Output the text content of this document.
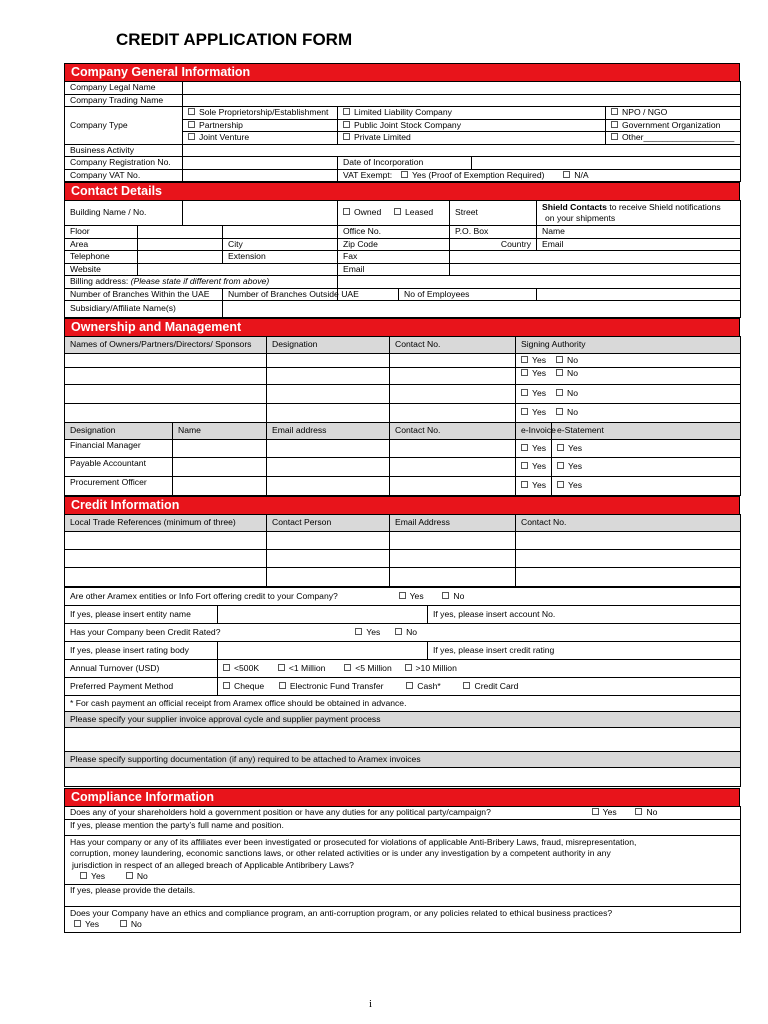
CREDIT APPLICATION FORM
Company General Information
Company Legal Name				
Company Trading Name				
Company Type	Sole Proprietorship/Establishment	Limited Liability Company		NPO / NGO
	Partnership	Public Joint Stock Company		Government Organization
	Joint Venture	Private Limited		Other___________________
Business Activity				
Company Registration No.		Date of Incorporation		
Company VAT No.		VAT Exempt: Yes (Proof of Exemption Required) N/A		
Contact Details
Building Name / No.				Owned Leased		Street	Shield Contacts to receive Shield notifications
on your shipments
Floor				Office No.		P.O. Box	Name
Area			City	Zip Code		Country	Email
Telephone			Extension	Fax			
Website				Email			
Billing address: (Please state if different from above)							
Number of Branches Within the UAE			Number of Branches Outside UAE		No of Employees		
Subsidiary/Affiliate Name(s)							
Ownership and Management
Names of Owners/Partners/Directors/ Sponsors		Designation	Contact No.	Signing Authority	
				Yes No	
				Yes No	
				Yes No	
				Yes No	
Designation	Name	Email address	Contact No.	e-Invoice	e-Statement
Financial Manager				Yes	Yes
Payable Accountant				Yes	Yes
Procurement Officer				Yes	Yes
Credit Information
Local Trade References (minimum of three)	Contact Person	Email Address	Contact No.

Are other Aramex entities or Info Fort offering credit to your Company? Yes No		
If yes, please insert entity name		If yes, please insert account No.
Has your Company been Credit Rated? Yes No		
If yes, please insert rating body		If yes, please insert credit rating
Annual Turnover (USD)	<500K <1 Million <5 Million >10 Million	
Preferred Payment Method	Cheque Electronic Fund Transfer Cash* Credit Card	
* For cash payment an official receipt from Aramex office should be obtained in advance.		
Please specify your supplier invoice approval cycle and supplier payment process		

Please specify supporting documentation (if any) required to be attached to Aramex invoices		

Compliance Information
Does any of your shareholders hold a government position or have any duties for any political party/campaign?	Yes	No
If yes, please mention the party’s full name and position.

Has your company or any of its affiliates ever been investigated or prosecuted for violations of applicable Anti-Bribery Laws, fraud, misrepresentation,
corruption, money laundering, economic sanctions laws, or other related activities or is under any investigation by a competent authority in any
jurisdiction in respect of an alleged breach of Applicable Antibribery Laws?
Yes	No

If yes, please provide the details.

Does your Company have an ethics and compliance program, an anti-corruption program, or any policies related to ethical business practices?
Yes	No
i
